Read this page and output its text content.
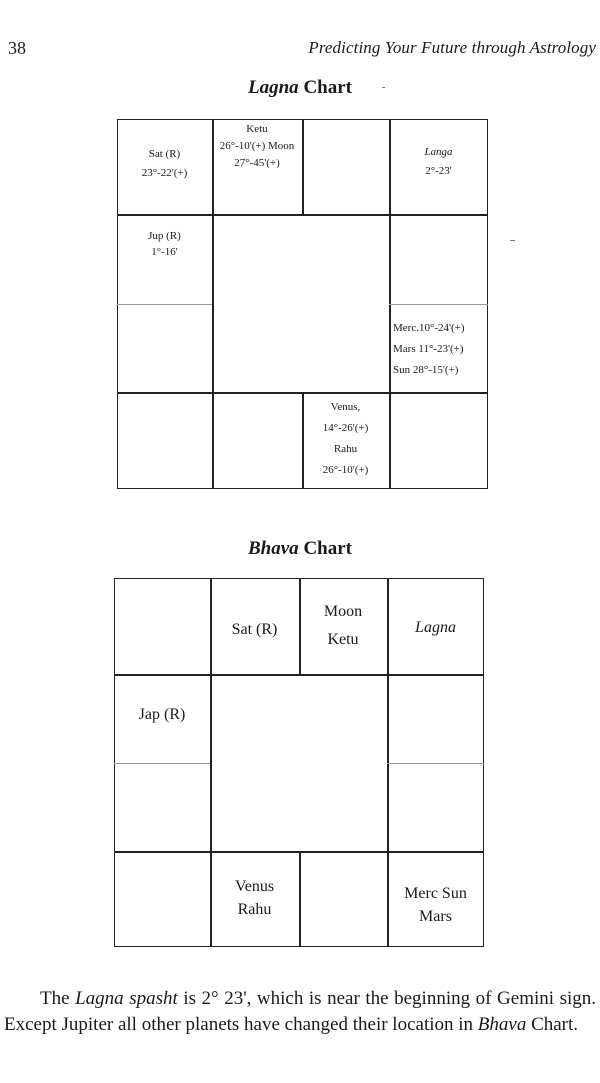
38	Predicting Your Future through Astrology
Lagna Chart
Sat (R)
23°-22'(+)
Ketu
26°-10'(+) Moon
27°-45'(+)
Langa
2°-23'
Jup (R)
1°-16'
Merc.10°-24'(+)
Mars 11°-23'(+)
Sun 28°-15'(+)
Venus,
14°-26'(+)
Rahu
26°-10'(+)
Bhava Chart
Sat (R)
Moon
Ketu
Lagna
Jap (R)
Venus
Rahu
Merc Sun
Mars
The Lagna spasht is 2° 23', which is near the beginning of Gemini sign. Except Jupiter all other planets have changed their location in Bhava Chart.
